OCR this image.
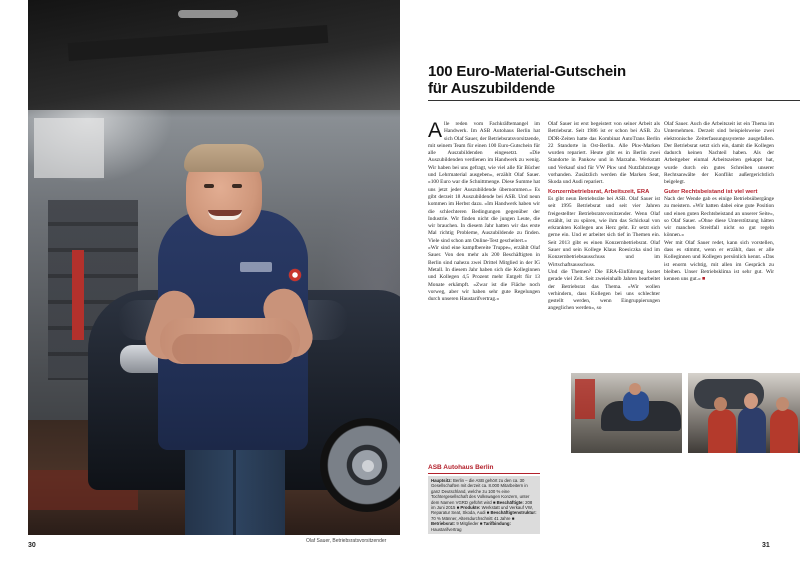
30
Olaf Sauer, Betriebsratsvorsitzender
100 Euro-Material-Gutschein
für Auszubildende
A lle reden vom Fachkräftemangel im Handwerk. Im ASB Autohaus Berlin hat sich Olaf Sauer, der Betriebsratsvorsitzende, mit seinem Team für einen 100 Euro-Gutschein für alle Auszubildenden eingesetzt. »Die Auszubildenden verdienen im Handwerk zu wenig. Wir haben bei uns gefragt, wie viel alle für Bücher und Lehrmaterial ausgeben«, erzählt Olaf Sauer. »100 Euro war die Schnittmenge. Diese Summe hat uns jetzt jeder Auszubildende übernommen.« Es gibt derzeit 18 Auszubildende bei ASB. Und neun kommen im Herbst dazu. »Im Handwerk haben wir die schlechteren Bedingungen gegenüber der Industrie. Wir finden nicht die jungen Leute, die wir brauchen. In diesem Jahr hatten wir das erste Mal richtig Probleme, Auszubildende zu finden. Viele sind schon am Online-Test gescheitert.«

»Wir sind eine kampfbereite Truppe«, erzählt Olaf Sauer. Von den mehr als 200 Beschäftigten in Berlin sind nahezu zwei Drittel Mitglied in der IG Metall. In diesem Jahr haben sich die Kolleginnen und Kollegen 4,5 Prozent mehr Entgelt für 13 Monate erkämpft. »Zwar ist die Fläche noch vorweg, aber wir haben sehr gute Regelungen durch unseren Haustarifvertrag.«

Olaf Sauer ist erst begeistert von seiner Arbeit als Betriebsrat. Seit 1986 ist er schon bei ASB. Zu DDR-Zeiten hatte das Kombinat AutoTrans Berlin 22 Standorte in Ost-Berlin. Alle Pkw-Marken wurden repariert. Heute gibt es in Berlin zwei Standorte in Pankow und in Marzahn. Werkstatt und Verkauf sind für VW Pkw und Nutzfahrzeuge vorhanden. Zusätzlich werden die Marken Seat, Skoda und Audi repariert.

Konzernbetriebsrat, Arbeitszeit, ERA

Es gibt neun Betriebsräte bei ASB. Olaf Sauer ist seit 1995 Betriebsrat und seit vier Jahren freigestellter Betriebsratsvorsitzender. Wenn Olaf erzählt, ist zu spüren, wie ihm das Schicksal von erkrankten Kollegen ans Herz geht. Er setzt sich gerne ein. Und er arbeitet sich tief in Themen ein. Seit 2013 gibt es einen Konzernbetriebsrat. Olaf Sauer und sein Kollege Klaus Roesiczka sind im Konzernbetriebsausschuss und im Wirtschaftsausschuss.

Und die Themen? Die ERA-Einführung kostet gerade viel Zeit. Seit zweieinhalb Jahren bearbeitet der Betriebsrat das Thema. »Wir wollen verhindern, dass Kollegen bei uns schlechter gestellt werden, wenn Eingruppierungen angeglichen werden«, so

Olaf Sauer. Auch die Arbeitszeit ist ein Thema im Unternehmen. Derzeit sind beispielsweise zwei elektronische Zeiterfassungssysteme ausgefallen. Der Betriebsrat setzt sich ein, damit die Kollegen dadurch keinen Nachteil haben. Als der Arbeitgeber einmal Arbeitszeiten gekappt hat, wurde durch ein gutes Schreiben unserer Rechtsanwälte der Konflikt außergerichtlich beigelegt.

Guter Rechtsbeistand ist viel wert

Nach der Wende gab es einige Betriebsübergänge zu meistern. »Wir hatten dabei eine gute Position und einen guten Rechtsbeistand an unserer Seite«, so Olaf Sauer. »Ohne diese Unterstützung hätten wir manchen Streitfall nicht so gut regeln können.«

Wer mit Olaf Sauer redet, kann sich vorstellen, dass es stimmt, wenn er erzählt, dass er alle Kolleginnen und Kollegen persönlich kennt. »Das ist enorm wichtig, mit allen im Gespräch zu bleiben. Unser Betriebsklima ist sehr gut. Wir kennen uns gut.« ■

ASB Autohaus Berlin
Hauptsitz: Berlin – die ASB gehört zu den ca. 30 Gesellschaften mit derzeit ca. 8.000 Mitarbeitern in ganz Deutschland, welche zu 100 % eine Tochtergesellschaft des Volkswagen Konzern, unter dem Namen VGRD geführt wird ■ Beschäftigte: 208 im Juni 2015 ■ Produkte: Werkstatt und Verkauf VW, Reparatur Seat, Skoda, Audi ■ Beschäftigtenstruktur: 70 % Männer, Altersdurchschnitt 41 Jahre ■ Betriebsrat: 9 Mitglieder ■ Tarifbindung: Haustarifvertrag
31
